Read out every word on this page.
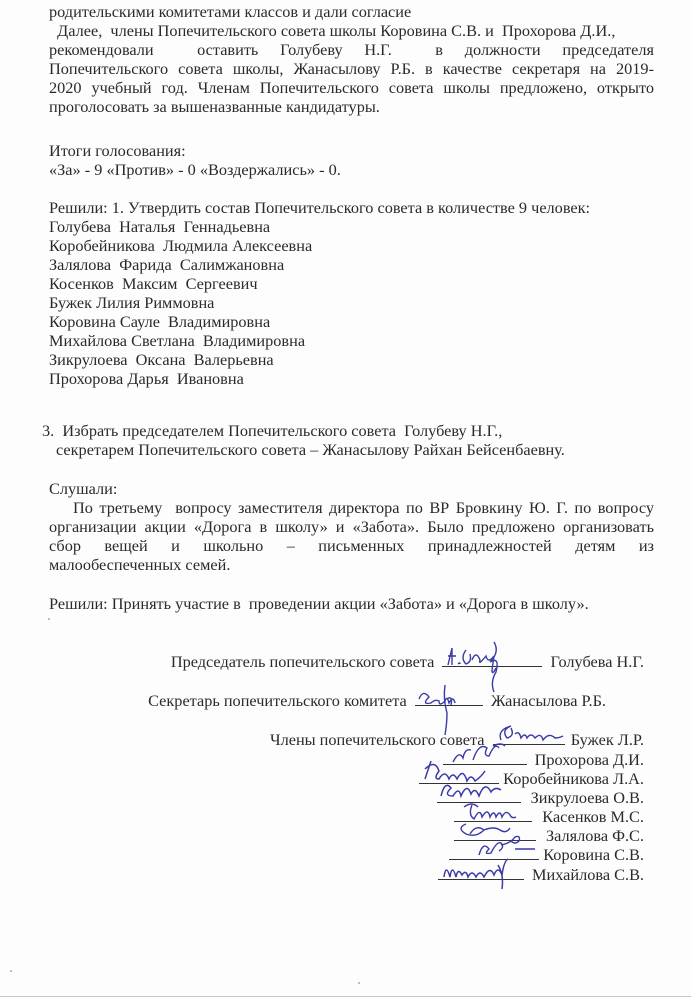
родительскими комитетами классов и дали согласие
Далее,  члены Попечительского совета школы Коровина С.В. и  Прохорова Д.И.,
рекомендовали    оставить  Голубеву  Н.Г.    в  должности  председателя
Попечительского совета школы, Жанасылову Р.Б. в качестве секретаря на 2019-
2020 учебный год. Членам Попечительского совета школы предложено, открыто
проголосовать за вышеназванные кандидатуры.
Итоги голосования:
«За» - 9 «Против» - 0 «Воздержались» - 0.
Решили: 1. Утвердить состав Попечительского совета в количестве 9 человек:
Голубева  Наталья  Геннадьевна
Коробейникова  Людмила Алексеевна
Залялова  Фарида  Салимжановна
Косенков  Максим  Сергеевич
Бужек Лилия Риммовна
Коровина Сауле  Владимировна
Михайлова Светлана  Владимировна
Зикрулоева  Оксана  Валерьевна
Прохорова Дарья  Ивановна
3.  Избрать председателем Попечительского совета  Голубеву Н.Г.,
секретарем Попечительского совета – Жанасылову Райхан Бейсенбаевну.
Слушали:
По третьему  вопросу заместителя директора по ВР Бровкину Ю. Г. по вопросу
организации акции «Дорога в школу» и «Забота». Было предложено организовать
сбор   вещей   и   школьно   –   письменных   принадлежностей   детям   из
малообеспеченных семей.
Решили: Принять участие в  проведении акции «Забота» и «Дорога в школу».
Председатель попечительского совета	Голубева Н.Г.
Секретарь попечительского комитета	Жанасылова Р.Б.
Члены попечительского совета	Бужек Л.Р.
Прохорова Д.И.
Коробейникова Л.А.
Зикрулоева О.В.
Касенков М.С.
Залялова Ф.С.
Коровина С.В.
Михайлова С.В.
